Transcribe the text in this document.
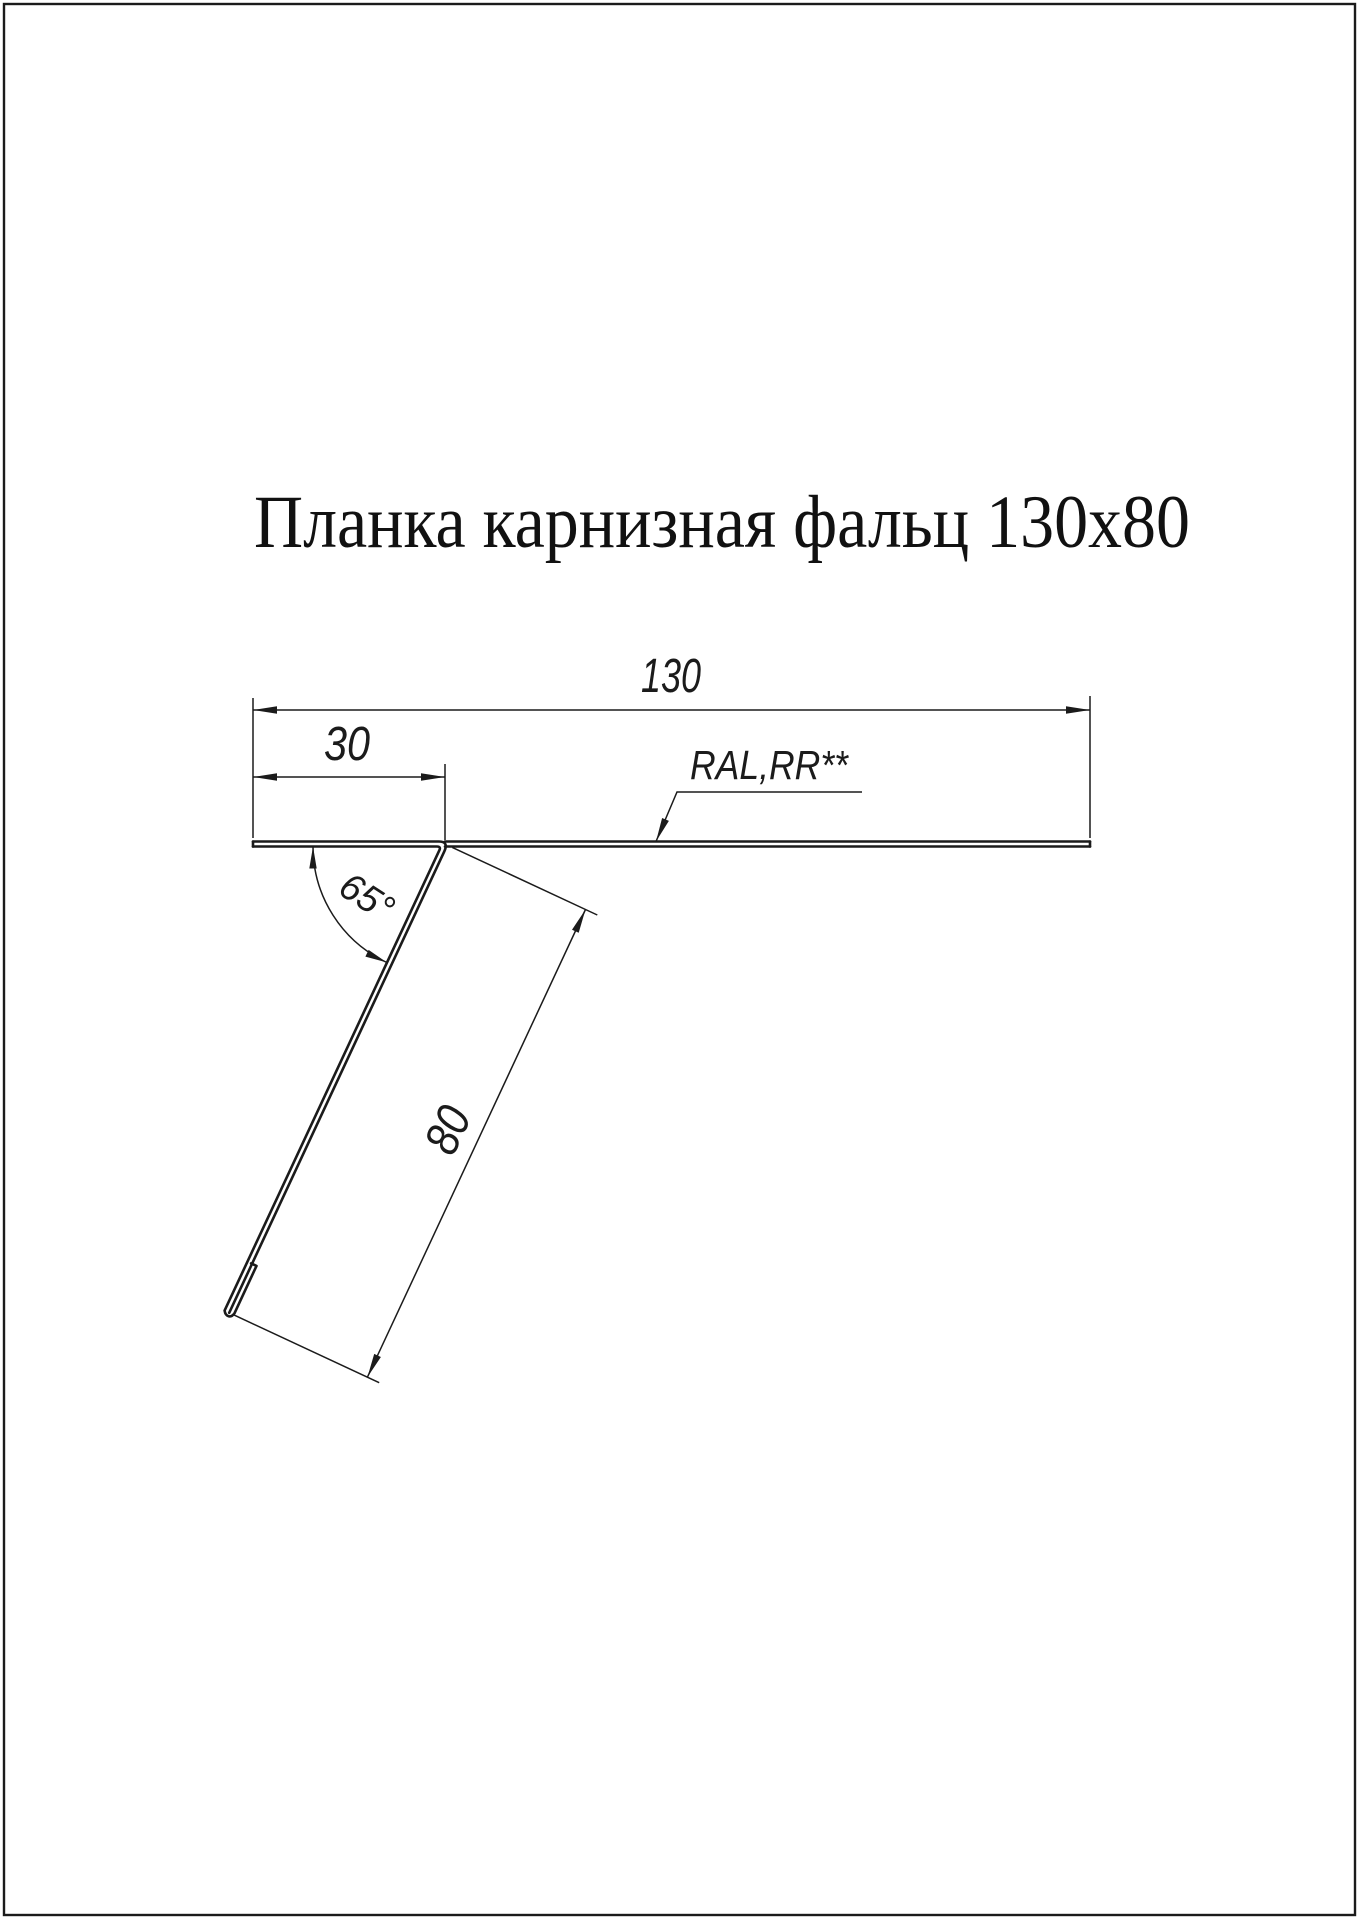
Планка карнизная фальц 130х80
130
30
80
65°
RAL,RR**
